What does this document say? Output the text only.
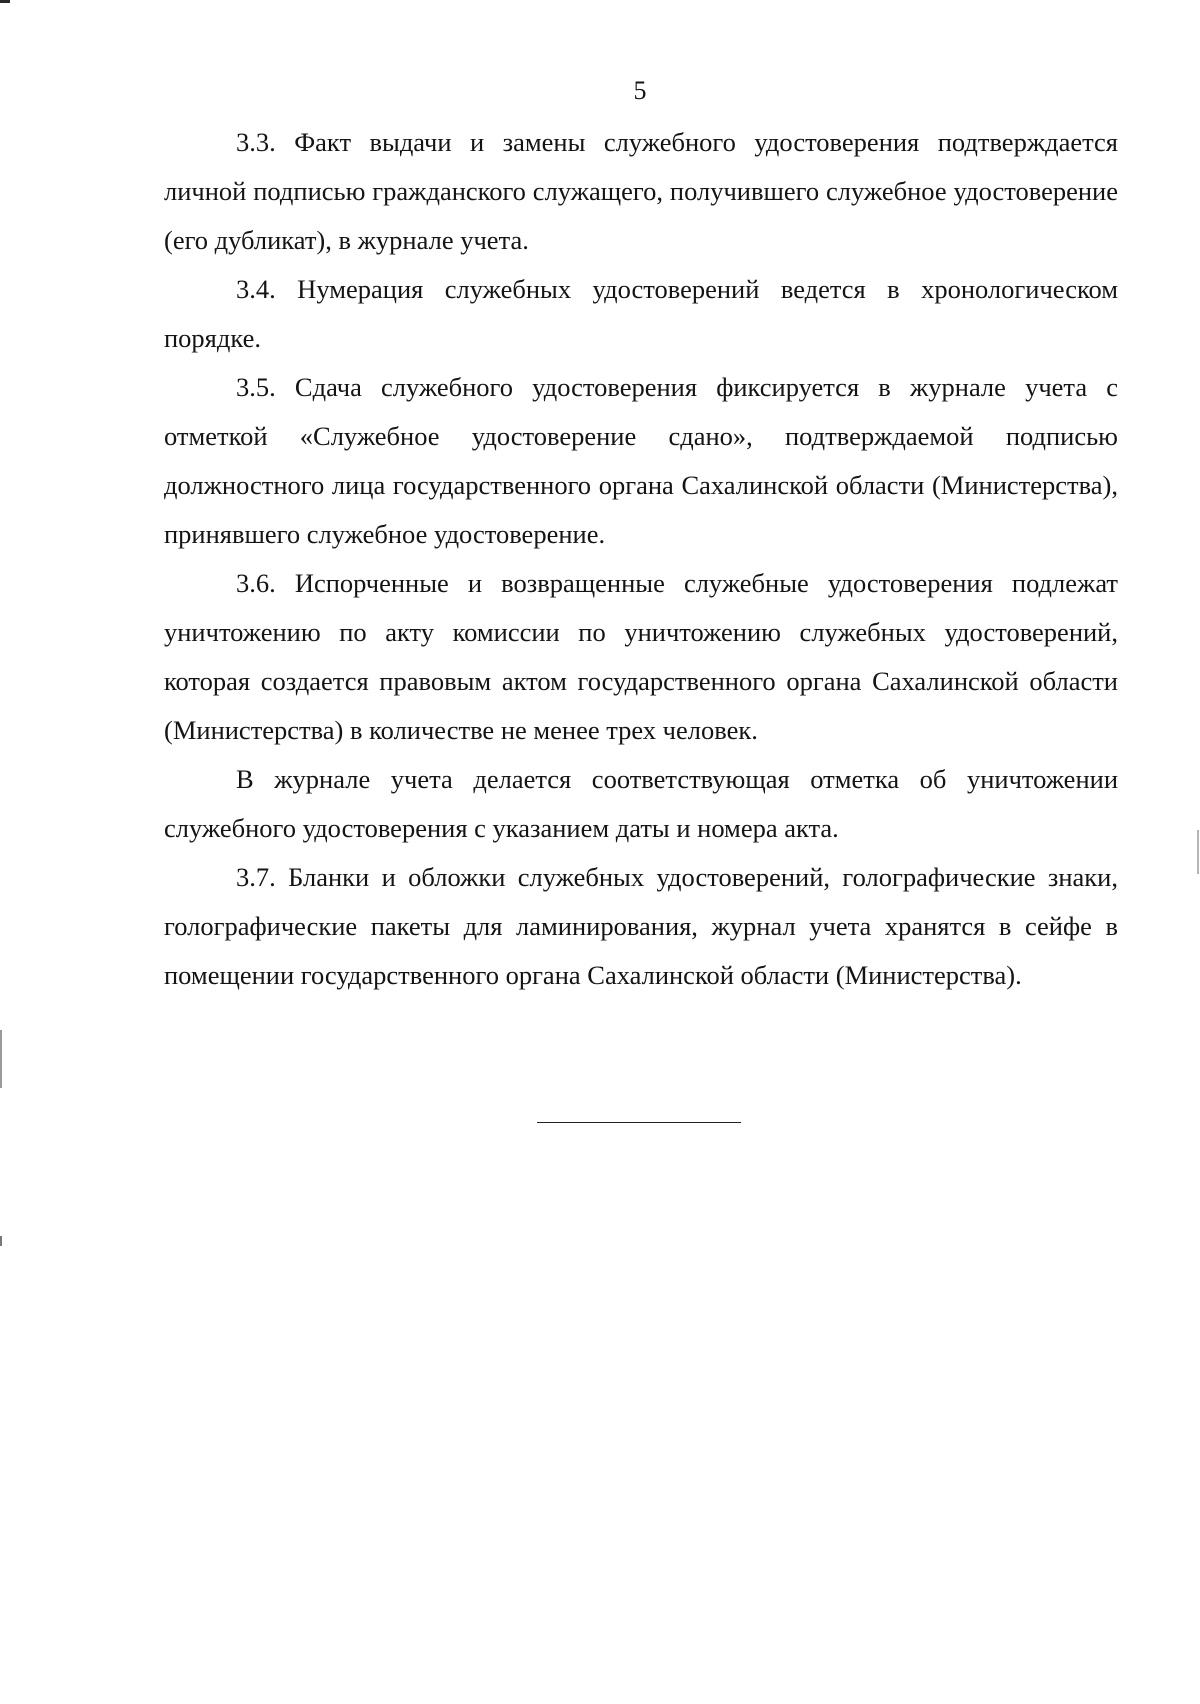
5

3.3. Факт выдачи и замены служебного удостоверения подтверждается личной подписью гражданского служащего, получившего служебное удостоверение (его дубликат), в журнале учета.

3.4. Нумерация служебных удостоверений ведется в хронологическом порядке.

3.5. Сдача служебного удостоверения фиксируется в журнале учета с отметкой «Служебное удостоверение сдано», подтверждаемой подписью должностного лица государственного органа Сахалинской области (Министерства), принявшего служебное удостоверение.

3.6. Испорченные и возвращенные служебные удостоверения подлежат уничтожению по акту комиссии по уничтожению служебных удостоверений, которая создается правовым актом государственного органа Сахалинской области (Министерства) в количестве не менее трех человек.

В журнале учета делается соответствующая отметка об уничтожении служебного удостоверения с указанием даты и номера акта.

3.7. Бланки и обложки служебных удостоверений, голографические знаки, голографические пакеты для ламинирования, журнал учета хранятся в сейфе в помещении государственного органа Сахалинской области (Министерства).
